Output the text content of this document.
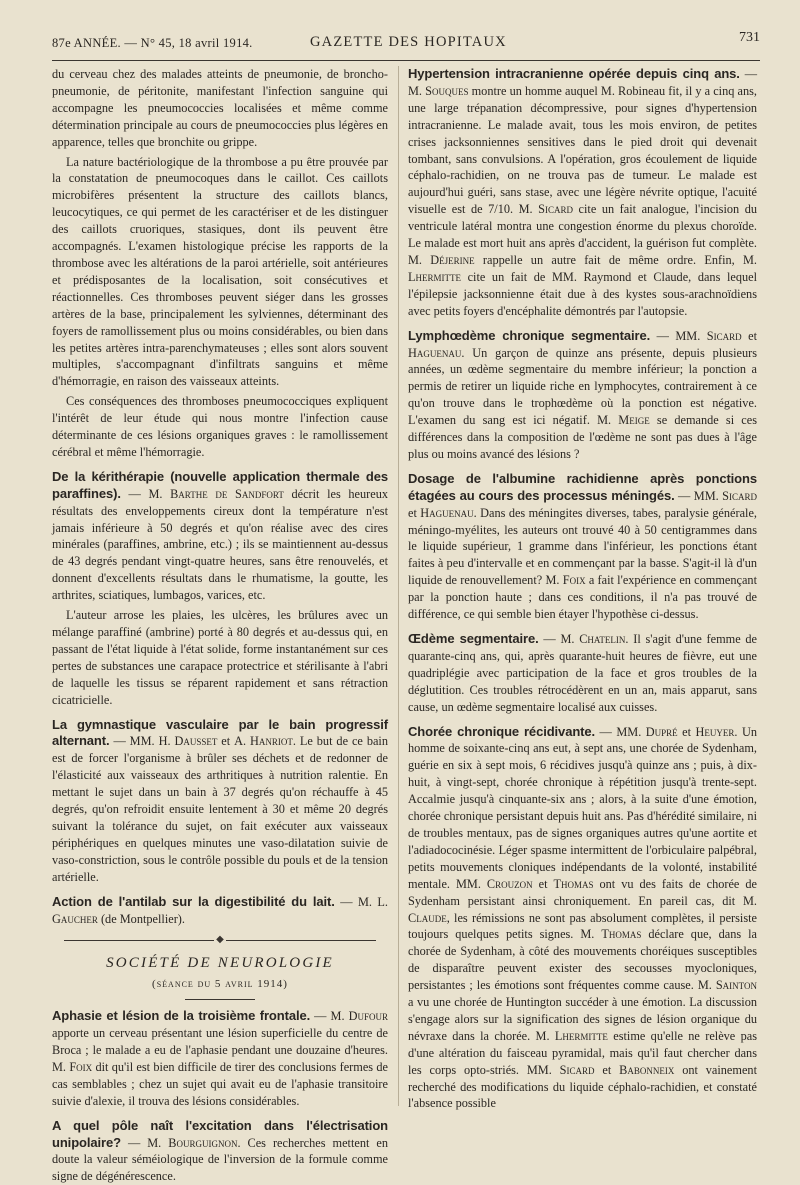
87e ANNÉE. — N° 45, 18 avril 1914.	GAZETTE DES HOPITAUX	731

du cerveau chez des malades atteints de pneumonie, de broncho-pneumonie, de péritonite, manifestant l'infection sanguine qui accompagne les pneumococcies localisées et même comme détermination principale au cours de pneumococcies plus légères en apparence, telles que bronchite ou grippe.

La nature bactériologique de la thrombose a pu être prouvée par la constatation de pneumocoques dans le caillot. Ces caillots microbifères présentent la structure des caillots blancs, leucocytiques, ce qui permet de les caractériser et de les distinguer des caillots cruoriques, stasiques, dont ils peuvent être accompagnés. L'examen histologique précise les rapports de la thrombose avec les altérations de la paroi artérielle, soit antérieures et prédisposantes de la localisation, soit consécutives et réactionnelles. Ces thromboses peuvent siéger dans les grosses artères de la base, principalement les sylviennes, déterminant des foyers de ramollissement plus ou moins considérables, ou bien dans les petites artères intra-parenchymateuses ; elles sont alors souvent multiples, s'accompagnant d'infiltrats sanguins et même d'hémorragie, en raison des vaisseaux atteints.

Ces conséquences des thromboses pneumococciques expliquent l'intérêt de leur étude qui nous montre l'infection cause déterminante de ces lésions organiques graves : le ramollissement cérébral et même l'hémorragie.

De la kérithérapie (nouvelle application thermale des paraffines). — M. Barthe de Sandfort décrit les heureux résultats des enveloppements cireux dont la température n'est jamais inférieure à 50 degrés et qu'on réalise avec des cires minérales (paraffines, ambrine, etc.) ; ils se maintiennent au-dessus de 43 degrés pendant vingt-quatre heures, sans être renouvelés, et donnent d'excellents résultats dans le rhumatisme, la goutte, les arthrites, sciatiques, lumbagos, varices, etc.

L'auteur arrose les plaies, les ulcères, les brûlures avec un mélange paraffiné (ambrine) porté à 80 degrés et au-dessus qui, en passant de l'état liquide à l'état solide, forme instantanément sur ces pertes de substances une carapace protectrice et stérilisante à l'abri de laquelle les tissus se réparent rapidement et sans rétraction cicatricielle.

La gymnastique vasculaire par le bain progressif alternant. — MM. H. Dausset et A. Hanriot. Le but de ce bain est de forcer l'organisme à brûler ses déchets et de redonner de l'élasticité aux vaisseaux des arthritiques à nutrition ralentie. En mettant le sujet dans un bain à 37 degrés qu'on réchauffe à 45 degrés, qu'on refroidit ensuite lentement à 30 et même 20 degrés suivant la tolérance du sujet, on fait exécuter aux vaisseaux périphériques en quelques minutes une vaso-dilatation suivie de vaso-constriction, sous le contrôle possible du pouls et de la tension artérielle.

Action de l'antilab sur la digestibilité du lait. — M. L. Gaucher (de Montpellier).

◆
SOCIÉTÉ DE NEUROLOGIE
(séance du 5 avril 1914)

Aphasie et lésion de la troisième frontale. — M. Dufour apporte un cerveau présentant une lésion superficielle du centre de Broca ; le malade a eu de l'aphasie pendant une douzaine d'heures. M. Foix dit qu'il est bien difficile de tirer des conclusions fermes de cas semblables ; chez un sujet qui avait eu de l'aphasie transitoire suivie d'alexie, il trouva des lésions considérables.

A quel pôle naît l'excitation dans l'électrisation unipolaire? — M. Bourguignon. Ces recherches mettent en doute la valeur séméiologique de l'inversion de la formule comme signe de dégénérescence.

Hypertension intracranienne opérée depuis cinq ans. — M. Souques montre un homme auquel M. Robineau fit, il y a cinq ans, une large trépanation décompressive, pour signes d'hypertension intracranienne. Le malade avait, tous les mois environ, de petites crises jacksonniennes sensitives dans le pied droit qui devenait tombant, sans convulsions. A l'opération, gros écoulement de liquide céphalo-rachidien, on ne trouva pas de tumeur. Le malade est aujourd'hui guéri, sans stase, avec une légère névrite optique, l'acuité visuelle est de 7/10. M. Sicard cite un fait analogue, l'incision du ventricule latéral montra une congestion énorme du plexus choroïde. Le malade est mort huit ans après d'accident, la guérison fut complète. M. Déjerine rappelle un autre fait de même ordre. Enfin, M. Lhermitte cite un fait de MM. Raymond et Claude, dans lequel l'épilepsie jacksonnienne était due à des kystes sous-arachnoïdiens avec petits foyers d'encéphalite démontrés par l'autopsie.

Lymphœdème chronique segmentaire. — MM. Sicard et Haguenau. Un garçon de quinze ans présente, depuis plusieurs années, un œdème segmentaire du membre inférieur; la ponction a permis de retirer un liquide riche en lymphocytes, contrairement à ce qu'on trouve dans le trophœdème où la ponction est négative. L'examen du sang est ici négatif. M. Meige se demande si ces différences dans la composition de l'œdème ne sont pas dues à l'âge plus ou moins avancé des lésions ?

Dosage de l'albumine rachidienne après ponctions étagées au cours des processus méningés. — MM. Sicard et Haguenau. Dans des méningites diverses, tabes, paralysie générale, méningo-myélites, les auteurs ont trouvé 40 à 50 centigrammes dans le liquide supérieur, 1 gramme dans l'inférieur, les ponctions étant faites à peu d'intervalle et en commençant par la basse. S'agit-il là d'un liquide de renouvellement? M. Foix a fait l'expérience en commençant par la ponction haute ; dans ces conditions, il n'a pas trouvé de différence, ce qui semble bien étayer l'hypothèse ci-dessus.

Œdème segmentaire. — M. Chatelin. Il s'agit d'une femme de quarante-cinq ans, qui, après quarante-huit heures de fièvre, eut une quadriplégie avec participation de la face et gros troubles de la déglutition. Ces troubles rétrocédèrent en un an, mais apparut, sans cause, un œdème segmentaire localisé aux cuisses.

Chorée chronique récidivante. — MM. Dupré et Heuyer. Un homme de soixante-cinq ans eut, à sept ans, une chorée de Sydenham, guérie en six à sept mois, 6 récidives jusqu'à quinze ans ; puis, à dix-huit, à vingt-sept, chorée chronique à répétition jusqu'à trente-sept. Accalmie jusqu'à cinquante-six ans ; alors, à la suite d'une émotion, chorée chronique persistant depuis huit ans. Pas d'hérédité similaire, ni de troubles mentaux, pas de signes organiques autres qu'une aortite et l'adiadococinésie. Léger spasme intermittent de l'orbiculaire palpébral, petits mouvements cloniques indépendants de la volonté, instabilité mentale. MM. Crouzon et Thomas ont vu des faits de chorée de Sydenham persistant ainsi chroniquement. En pareil cas, dit M. Claude, les rémissions ne sont pas absolument complètes, il persiste toujours quelques petits signes. M. Thomas déclare que, dans la chorée de Sydenham, à côté des mouvements choréiques susceptibles de disparaître peuvent exister des secousses myocloniques, persistantes ; les émotions sont fréquentes comme cause. M. Sainton a vu une chorée de Huntington succéder à une émotion. La discussion s'engage alors sur la signification des signes de lésion organique du névraxe dans la chorée. M. Lhermitte estime qu'elle ne relève pas d'une altération du faisceau pyramidal, mais qu'il faut chercher dans les corps opto-striés. MM. Sicard et Babonneix ont vainement recherché des modifications du liquide céphalo-rachidien, et constaté l'absence possible
